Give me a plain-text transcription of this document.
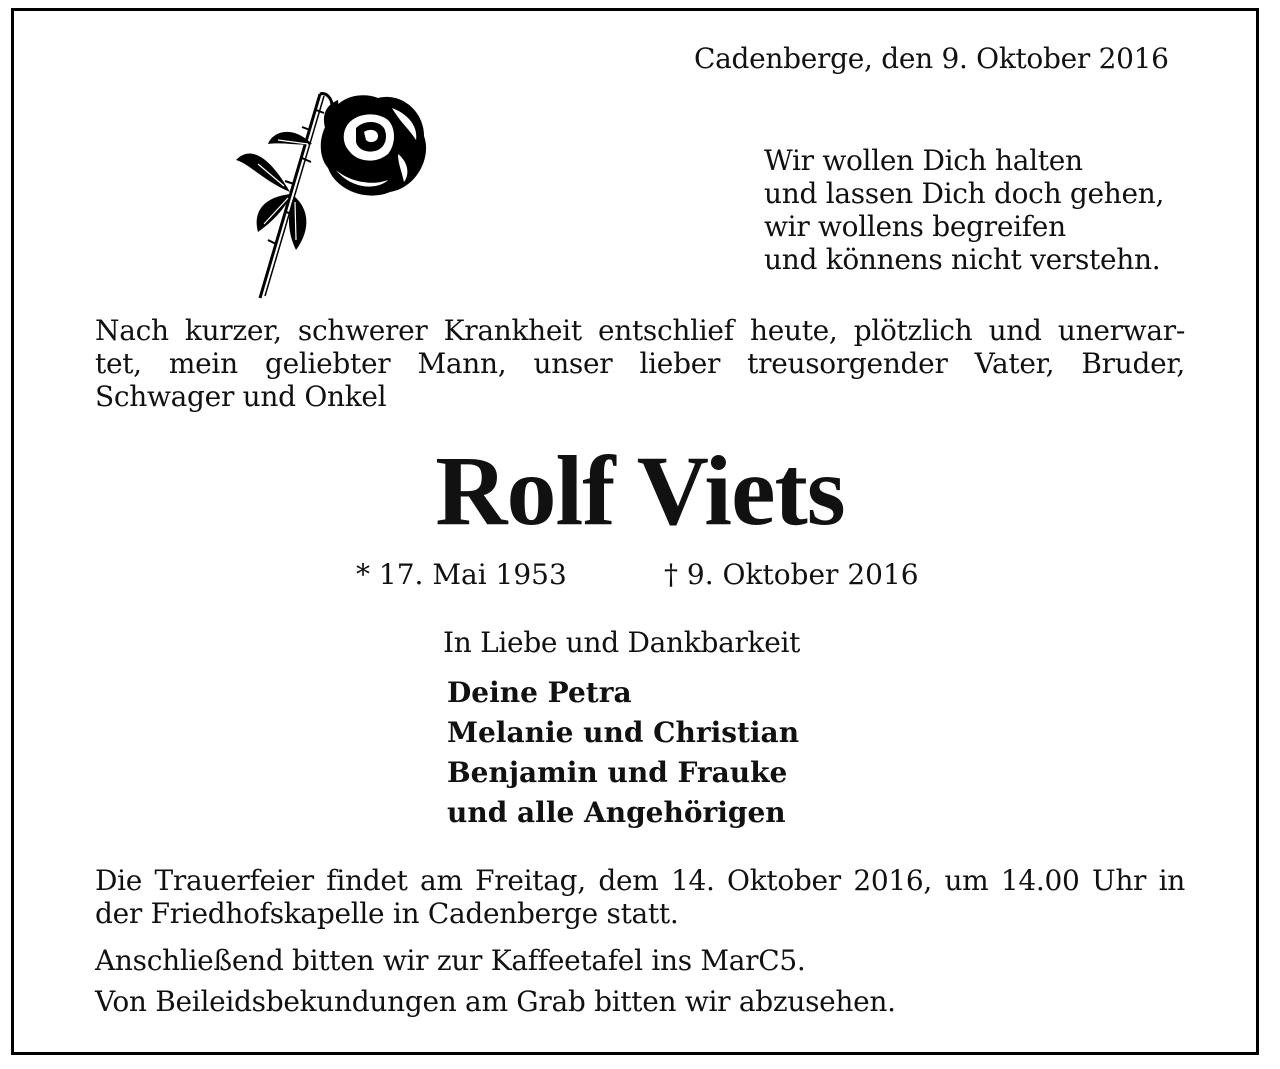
Cadenberge, den 9. Oktober 2016
Wir wollen Dich halten
und lassen Dich doch gehen,
wir wollens begreifen
und könnens nicht verstehn.
Nach kurzer, schwerer Krankheit entschlief heute, plötzlich und unerwar-
tet, mein geliebter Mann, unser lieber treusorgender Vater, Bruder,
Schwager und Onkel
Rolf Viets
* 17. Mai 1953	† 9. Oktober 2016
In Liebe und Dankbarkeit
Deine Petra
Melanie und Christian
Benjamin und Frauke
und alle Angehörigen
Die Trauerfeier findet am Freitag, dem 14. Oktober 2016, um 14.00 Uhr in
der Friedhofskapelle in Cadenberge statt.
Anschließend bitten wir zur Kaffeetafel ins MarC5.
Von Beileidsbekundungen am Grab bitten wir abzusehen.
